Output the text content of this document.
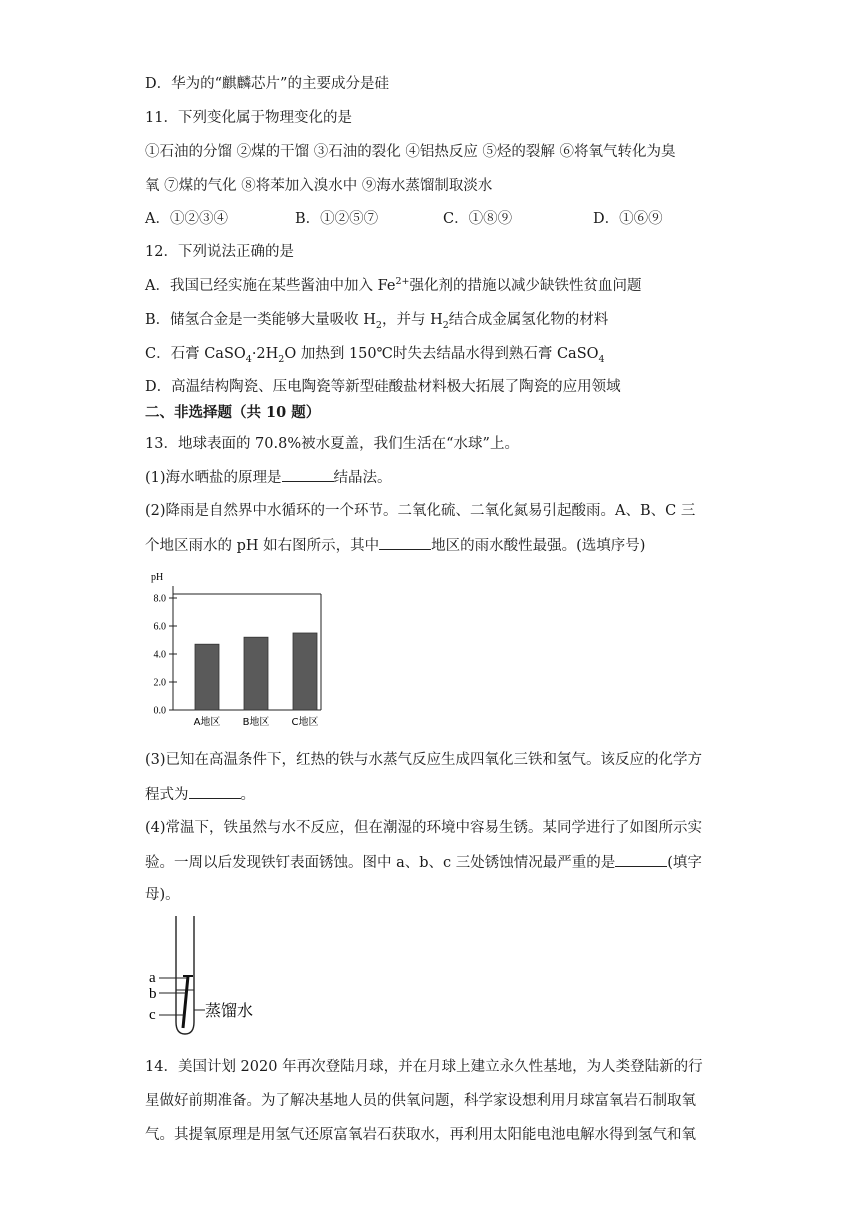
D．华为的“麒麟芯片”的主要成分是硅
11．下列变化属于物理变化的是
①石油的分馏 ②煤的干馏 ③石油的裂化 ④铝热反应 ⑤烃的裂解 ⑥将氧气转化为臭
氧 ⑦煤的气化 ⑧将苯加入溴水中 ⑨海水蒸馏制取淡水
A．①②③④	B．①②⑤⑦	C．①⑧⑨	D．①⑥⑨
12．下列说法正确的是
A．我国已经实施在某些酱油中加入 $Fe^{2+}$强化剂的措施以减少缺铁性贫血问题
B．储氢合金是一类能够大量吸收 $H_2$，并与 $H_2$结合成金属氢化物的材料
C．石膏 $CaSO_4\cdot 2H_2O$ 加热到 150℃时失去结晶水得到熟石膏 CaSO$_4$
D．高温结构陶瓷、压电陶瓷等新型硅酸盐材料极大拓展了陶瓷的应用领域
二、非选择题（共 10 题）
13．地球表面的 70.8%被水夏盖，我们生活在“水球”上。
(1)海水晒盐的原理是	结晶法。
(2)降雨是自然界中水循环的一个环节。二氧化硫、二氧化氮易引起酸雨。A、B、C 三
个地区雨水的 pH 如右图所示，其中	地区的雨水酸性最强。(选填序号)
pH
0.0
2.0
4.0
6.0
8.0
A地区 B地区 C地区
(3)已知在高温条件下，红热的铁与水蒸气反应生成四氧化三铁和氢气。该反应的化学方
程式为	。
(4)常温下，铁虽然与水不反应，但在潮湿的环境中容易生锈。某同学进行了如图所示实
验。一周以后发现铁钉表面锈蚀。图中 a、b、c 三处锈蚀情况最严重的是	(填字
母)。
a
b
c	蒸馏水
14．美国计划 2020 年再次登陆月球，并在月球上建立永久性基地，为人类登陆新的行
星做好前期准备。为了解决基地人员的供氧问题，科学家设想利用月球富氧岩石制取氧
气。其提氧原理是用氢气还原富氧岩石获取水，再利用太阳能电池电解水得到氢气和氧
